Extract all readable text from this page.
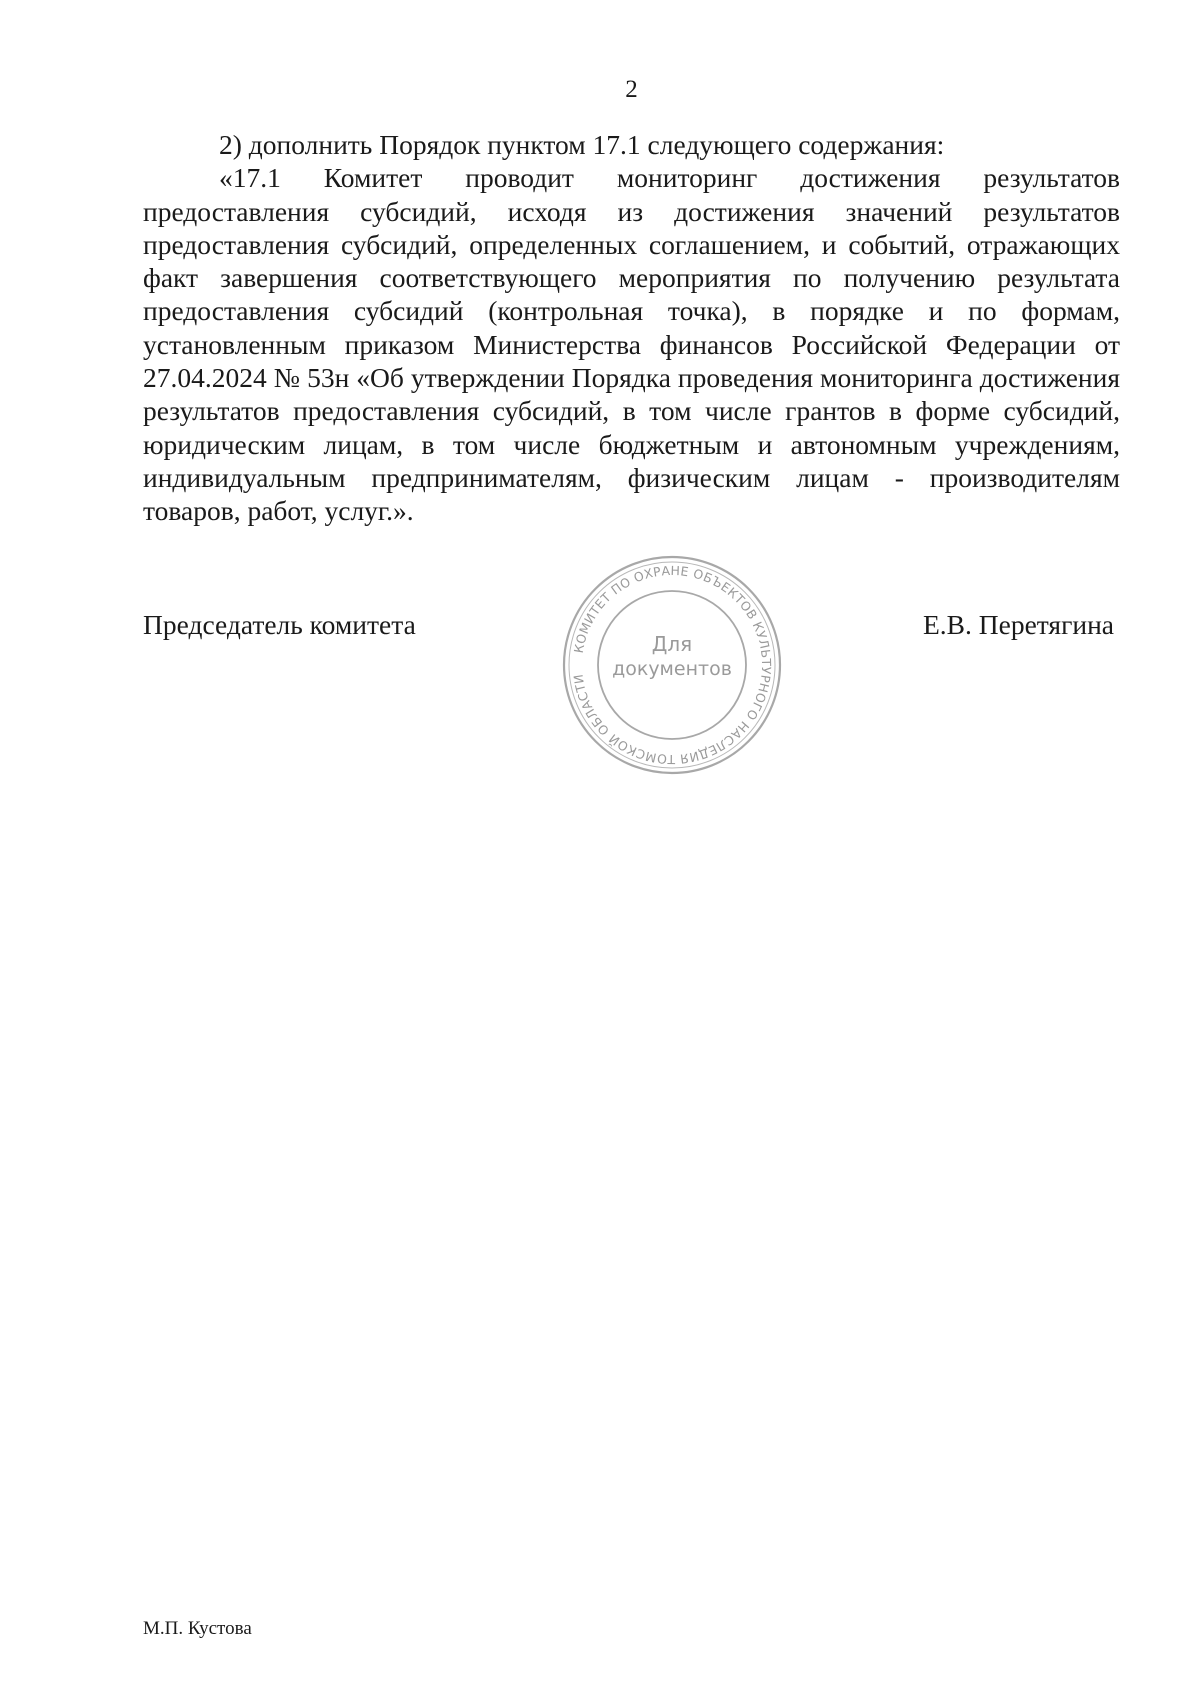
2

2) дополнить Порядок пунктом 17.1 следующего содержания:

«17.1 Комитет проводит мониторинг достижения результатов предоставления субсидий, исходя из достижения значений результатов предоставления субсидий, определенных соглашением, и событий, отражающих факт завершения соответствующего мероприятия по получению результата предоставления субсидий (контрольная точка), в порядке и по формам, установленным приказом Министерства финансов Российской Федерации от 27.04.2024 № 53н «Об утверждении Порядка проведения мониторинга достижения результатов предоставления субсидий, в том числе грантов в форме субсидий, юридическим лицам, в том числе бюджетным и автономным учреждениям, индивидуальным предпринимателям, физическим лицам - производителям товаров, работ, услуг.».

Председатель комитета
КОМИТЕТ ПО ОХРАНЕ ОБЪЕКТОВ КУЛЬТУРНОГО НАСЛЕДИЯ ТОМСКОЙ ОБЛАСТИ
Для
документов
Е.В. Перетягина
М.П. Кустова
